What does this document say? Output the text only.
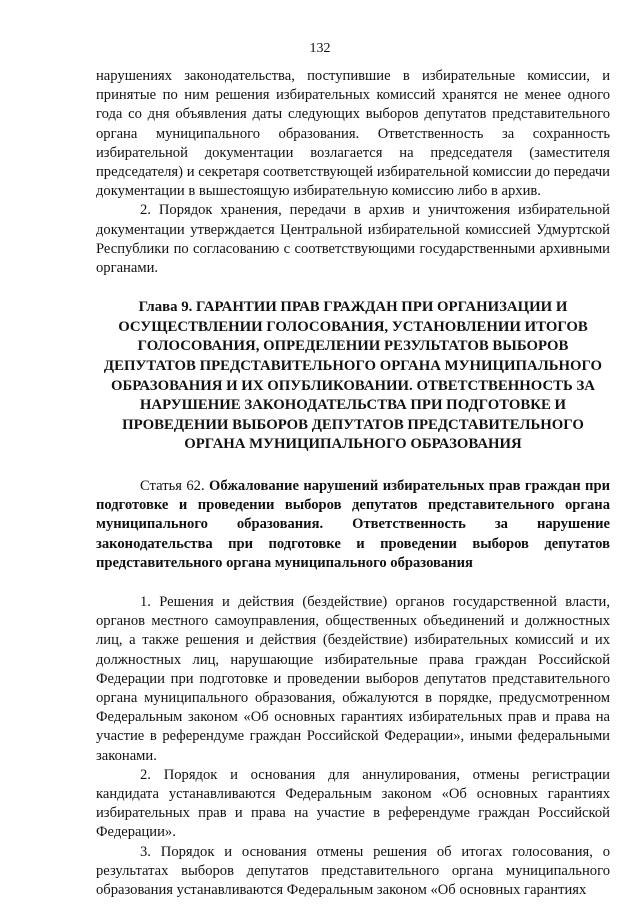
132

нарушениях законодательства, поступившие в избирательные комиссии, и принятые по ним решения избирательных комиссий хранятся не менее одного года со дня объявления даты следующих выборов депутатов представительного органа муниципального образования. Ответственность за сохранность избирательной документации возлагается на председателя (заместителя председателя) и секретаря соответствующей избирательной комиссии до передачи документации в вышестоящую избирательную комиссию либо в архив.

2. Порядок хранения, передачи в архив и уничтожения избирательной документации утверждается Центральной избирательной комиссией Удмуртской Республики по согласованию с соответствующими государственными архивными органами.

Глава 9. ГАРАНТИИ ПРАВ ГРАЖДАН ПРИ ОРГАНИЗАЦИИ И ОСУЩЕСТВЛЕНИИ ГОЛОСОВАНИЯ, УСТАНОВЛЕНИИ ИТОГОВ ГОЛОСОВАНИЯ, ОПРЕДЕЛЕНИИ РЕЗУЛЬТАТОВ ВЫБОРОВ ДЕПУТАТОВ ПРЕДСТАВИТЕЛЬНОГО ОРГАНА МУНИЦИПАЛЬНОГО ОБРАЗОВАНИЯ И ИХ ОПУБЛИКОВАНИИ. ОТВЕТСТВЕННОСТЬ ЗА НАРУШЕНИЕ ЗАКОНОДАТЕЛЬСТВА ПРИ ПОДГОТОВКЕ И ПРОВЕДЕНИИ ВЫБОРОВ ДЕПУТАТОВ ПРЕДСТАВИТЕЛЬНОГО ОРГАНА МУНИЦИПАЛЬНОГО ОБРАЗОВАНИЯ

Статья 62. Обжалование нарушений избирательных прав граждан при подготовке и проведении выборов депутатов представительного органа муниципального образования. Ответственность за нарушение законодательства при подготовке и проведении выборов депутатов представительного органа муниципального образования

1. Решения и действия (бездействие) органов государственной власти, органов местного самоуправления, общественных объединений и должностных лиц, а также решения и действия (бездействие) избирательных комиссий и их должностных лиц, нарушающие избирательные права граждан Российской Федерации при подготовке и проведении выборов депутатов представительного органа муниципального образования, обжалуются в порядке, предусмотренном Федеральным законом «Об основных гарантиях избирательных прав и права на участие в референдуме граждан Российской Федерации», иными федеральными законами.

2. Порядок и основания для аннулирования, отмены регистрации кандидата устанавливаются Федеральным законом «Об основных гарантиях избирательных прав и права на участие в референдуме граждан Российской Федерации».

3. Порядок и основания отмены решения об итогах голосования, о результатах выборов депутатов представительного органа муниципального образования устанавливаются Федеральным законом «Об основных гарантиях
